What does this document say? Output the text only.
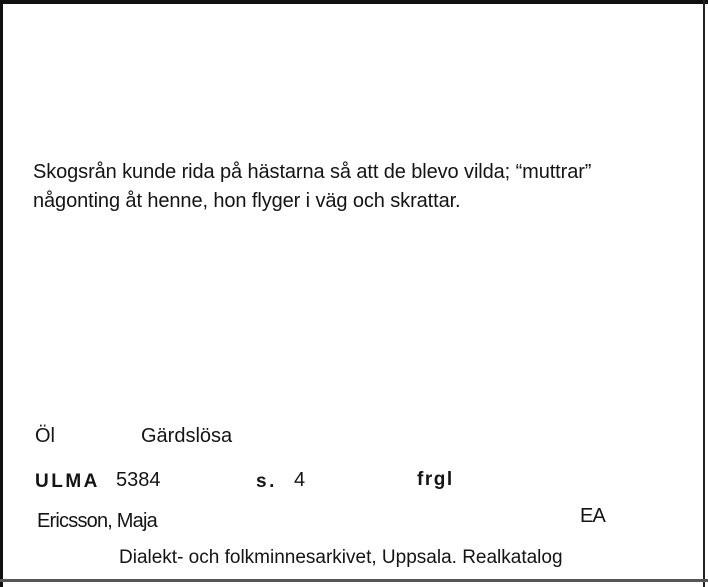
Skogsrån kunde rida på hästarna så att de blevo vilda; “muttrar”
någonting åt henne, hon flyger i väg och skrattar.
Öl	Gärdslösa
ULMA 5384	s. 4	frgl
Ericsson, Maja	EA
Dialekt- och folkminnesarkivet, Uppsala. Realkatalog
